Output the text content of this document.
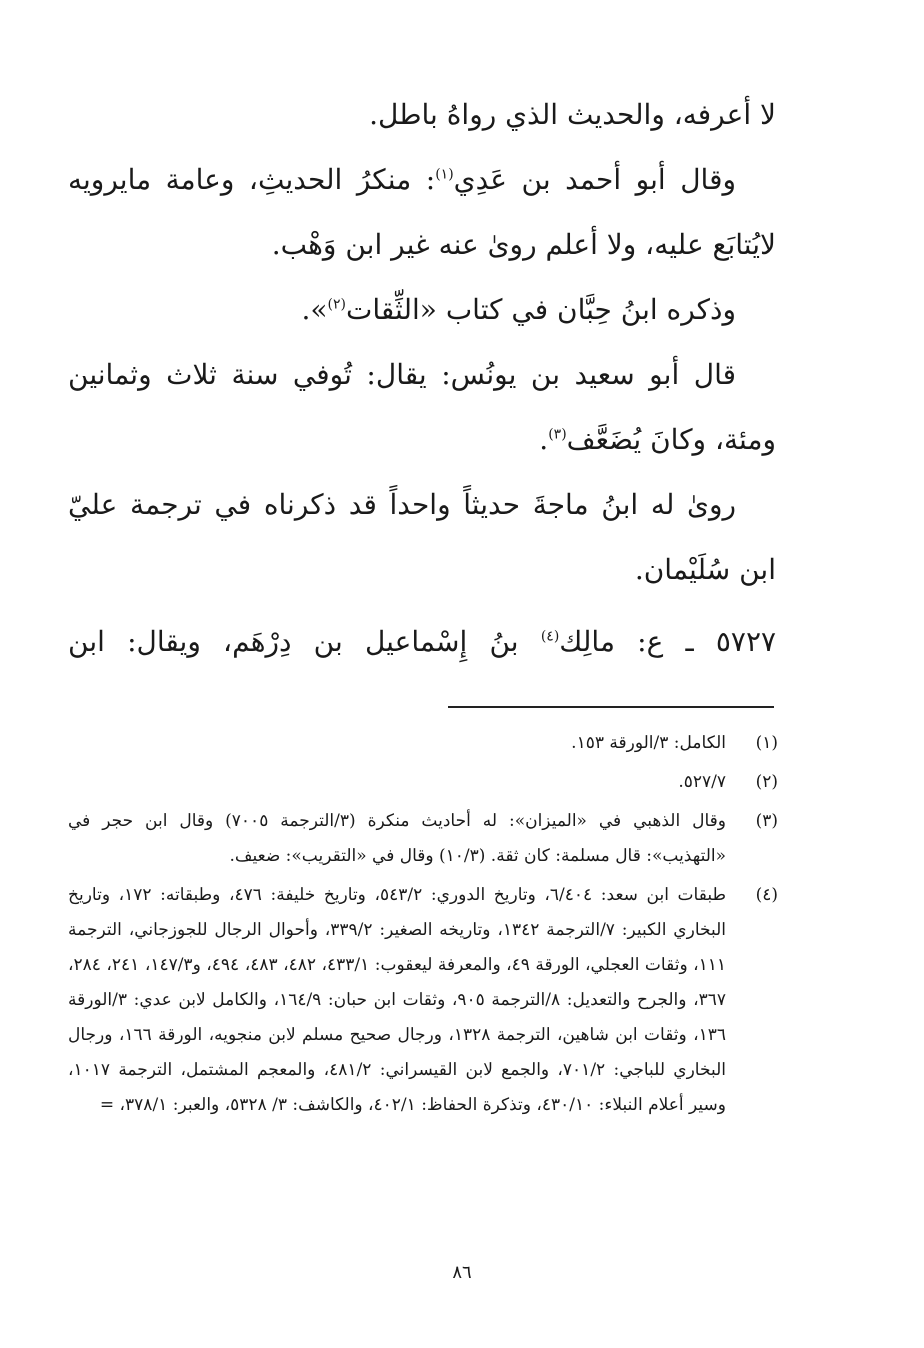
لا أعرفه، والحديث الذي رواهُ باطل.

وقال أبو أحمد بن عَدِي$^{(١)}$: منكرُ الحديثِ، وعامة مايرويه لايُتابَع عليه، ولا أعلم روىٰ عنه غير ابن وَهْب.

وذكره ابنُ حِبَّان في كتاب «الثِّقات$^{(٢)}$».

قال أبو سعيد بن يونُس: يقال: تُوفي سنة ثلاث وثمانين ومئة، وكانَ يُضَعَّف$^{(٣)}$.

روىٰ له ابنُ ماجةَ حديثاً واحداً قد ذكرناه في ترجمة عليّ ابن سُلَيْمان.

٥٧٢٧ ـ ع: مالِك$^{(٤)}$ بنُ إِسْماعيل بن دِرْهَم، ويقال: ابن
(١)
الكامل: ٣/الورقة ١٥٣.
(٢)
٥٢٧/٧.
(٣)
وقال الذهبي في «الميزان»: له أحاديث منكرة (٣/الترجمة ٧٠٠٥) وقال ابن حجر في «التهذيب»: قال مسلمة: كان ثقة. (١٠/٣) وقال في «التقريب»: ضعيف.
(٤)
طبقات ابن سعد: ٦/٤٠٤، وتاريخ الدوري: ٥٤٣/٢، وتاريخ خليفة: ٤٧٦، وطبقاته: ١٧٢، وتاريخ البخاري الكبير: ٧/الترجمة ١٣٤٢، وتاريخه الصغير: ٣٣٩/٢، وأحوال الرجال للجوزجاني، الترجمة ١١١، وثقات العجلي، الورقة ٤٩، والمعرفة ليعقوب: ٤٣٣/١، ٤٨٢، ٤٨٣، ٤٩٤، و١٤٧/٣، ٢٤١، ٢٨٤، ٣٦٧، والجرح والتعديل: ٨/الترجمة ٩٠٥، وثقات ابن حبان: ١٦٤/٩، والكامل لابن عدي: ٣/الورقة ١٣٦، وثقات ابن شاهين، الترجمة ١٣٢٨، ورجال صحيح مسلم لابن منجويه، الورقة ١٦٦، ورجال البخاري للباجي: ٧٠١/٢، والجمع لابن القيسراني: ٤٨١/٢، والمعجم المشتمل، الترجمة ١٠١٧، وسير أعلام النبلاء: ٤٣٠/١٠، وتذكرة الحفاظ: ٤٠٢/١، والكاشف: ٣/ ٥٣٢٨، والعبر: ٣٧٨/١، =
٨٦
